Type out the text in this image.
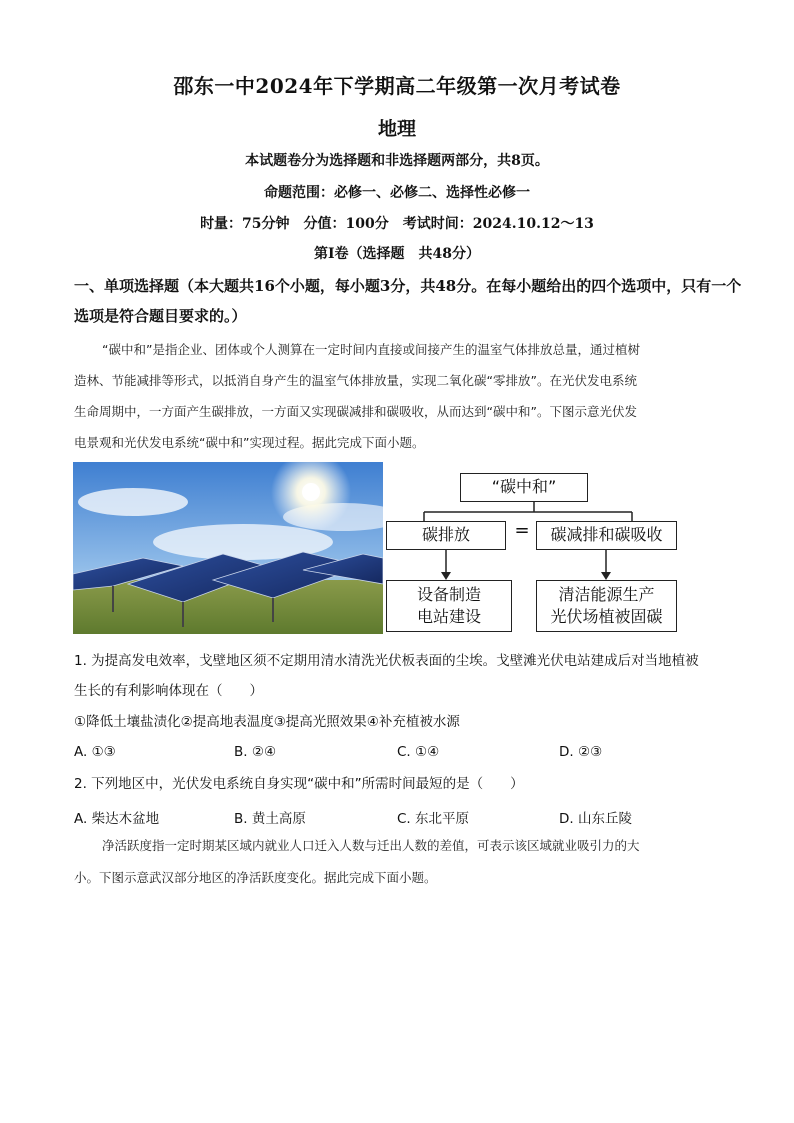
邵东一中2024年下学期高二年级第一次月考试卷
地理
本试题卷分为选择题和非选择题两部分，共8页。
命题范围：必修一、必修二、选择性必修一
时量：75分钟　分值：100分　考试时间：2024.10.12～13
第Ⅰ卷（选择题　共48分）
一、单项选择题（本大题共16个小题，每小题3分，共48分。在每小题给出的四个选项中，只有一个选项是符合题目要求的。）
“碳中和”是指企业、团体或个人测算在一定时间内直接或间接产生的温室气体排放总量，通过植树
造林、节能减排等形式，以抵消自身产生的温室气体排放量，实现二氧化碳“零排放”。在光伏发电系统
生命周期中，一方面产生碳排放，一方面又实现碳减排和碳吸收，从而达到“碳中和”。下图示意光伏发
电景观和光伏发电系统“碳中和”实现过程。据此完成下面小题。
“碳中和”
碳排放	=	碳减排和碳吸收
设备制造
电站建设
清洁能源生产
光伏场植被固碳
1. 为提高发电效率，戈壁地区须不定期用清水清洗光伏板表面的尘埃。戈壁滩光伏电站建成后对当地植被
生长的有利影响体现在（　　）
①降低土壤盐渍化②提高地表温度③提高光照效果④补充植被水源
A. ①③	B. ②④	C. ①④	D. ②③
2. 下列地区中，光伏发电系统自身实现“碳中和”所需时间最短的是（　　）
A. 柴达木盆地	B. 黄土高原	C. 东北平原	D. 山东丘陵
净活跃度指一定时期某区域内就业人口迁入人数与迁出人数的差值，可表示该区域就业吸引力的大
小。下图示意武汉部分地区的净活跃度变化。据此完成下面小题。
